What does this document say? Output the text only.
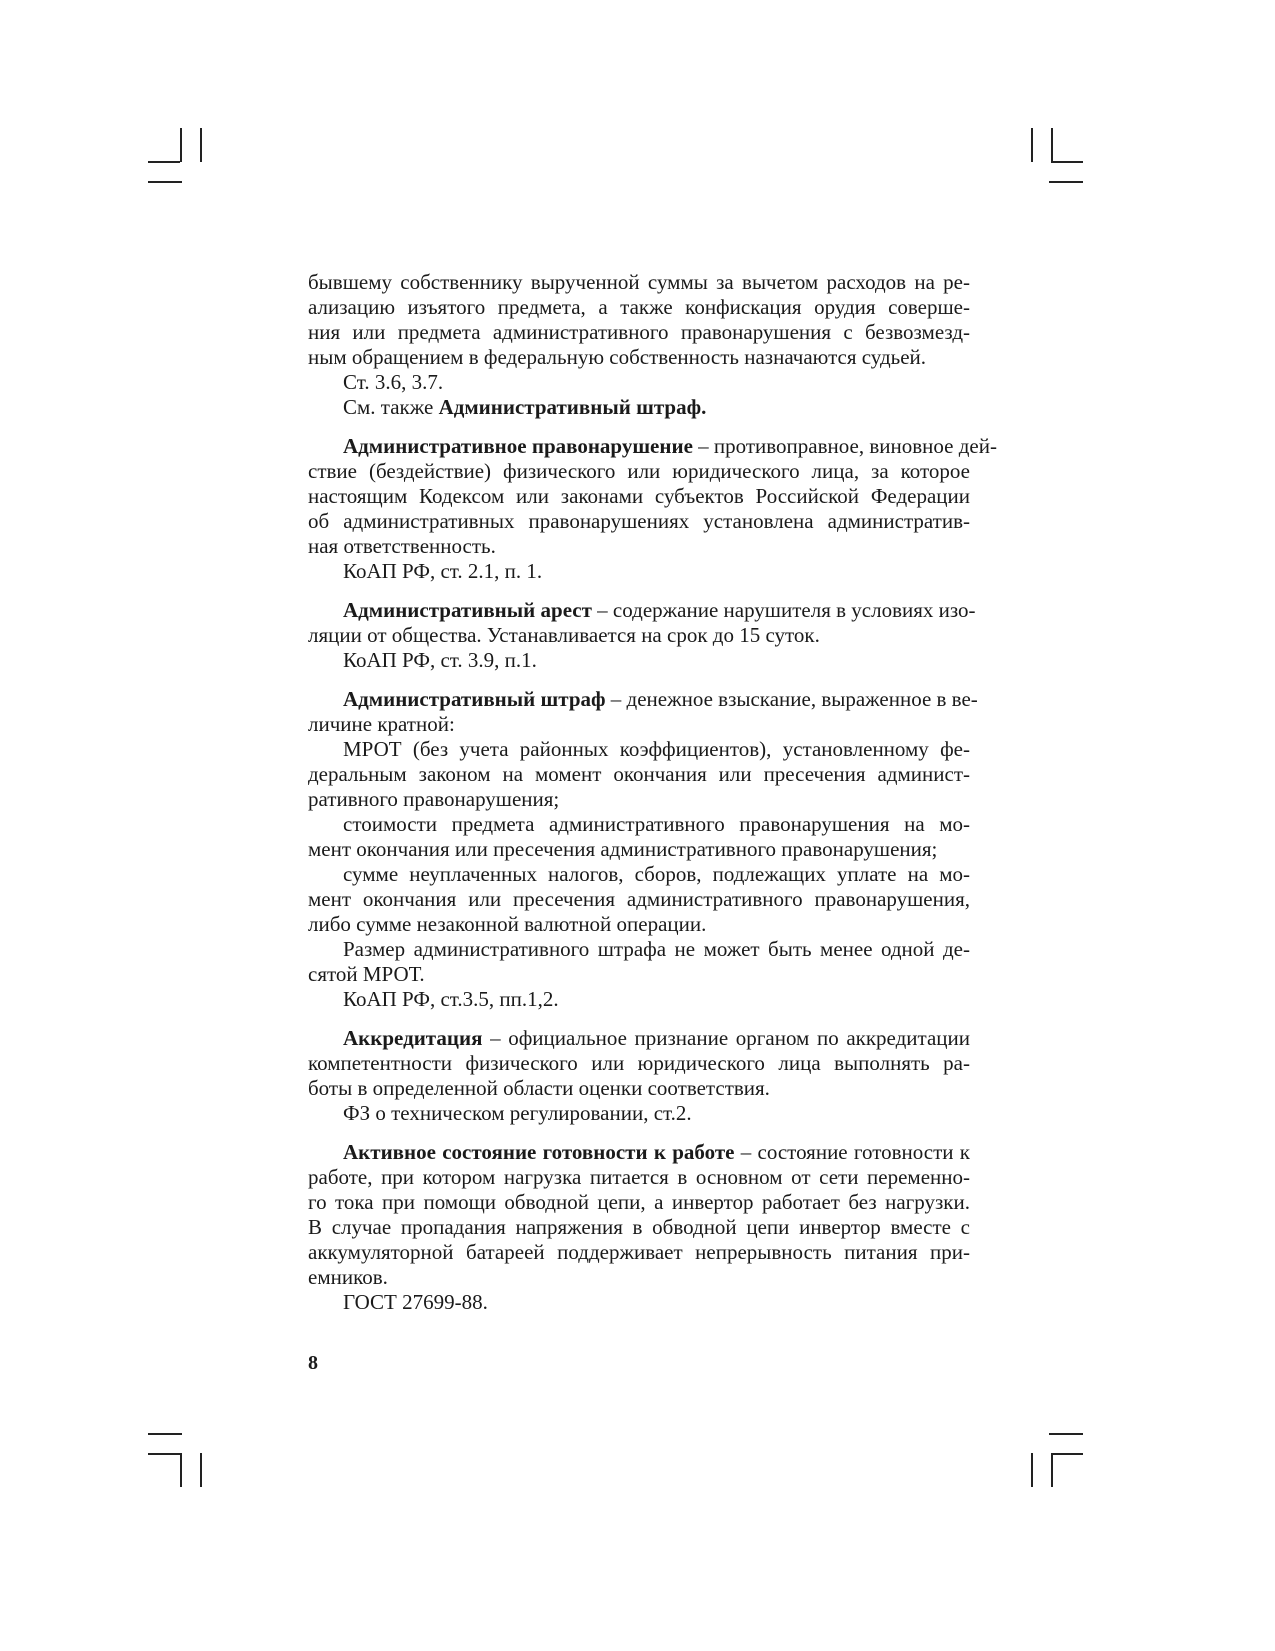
бывшему собственнику вырученной суммы за вычетом расходов на ре-
ализацию изъятого предмета, а также конфискация орудия соверше-
ния или предмета административного правонарушения с безвозмезд-
ным обращением в федеральную собственность назначаются судьей.
Ст. 3.6, 3.7.
См. также Административный штраф.
Административное правонарушение – противоправное, виновное дей-
ствие (бездействие) физического или юридического лица, за которое
настоящим Кодексом или законами субъектов Российской Федерации
об административных правонарушениях установлена административ-
ная ответственность.
КоАП РФ, ст. 2.1, п. 1.
Административный арест – содержание нарушителя в условиях изо-
ляции от общества. Устанавливается на срок до 15 суток.
КоАП РФ, ст. 3.9, п.1.
Административный штраф – денежное взыскание, выраженное в ве-
личине кратной:
МРОТ (без учета районных коэффициентов), установленному фе-
деральным законом на момент окончания или пресечения админист-
ративного правонарушения;
стоимости предмета административного правонарушения на мо-
мент окончания или пресечения административного правонарушения;
сумме неуплаченных налогов, сборов, подлежащих уплате на мо-
мент окончания или пресечения административного правонарушения,
либо сумме незаконной валютной операции.
Размер административного штрафа не может быть менее одной де-
сятой МРОТ.
КоАП РФ, ст.3.5, пп.1,2.
Аккредитация – официальное признание органом по аккредитации
компетентности физического или юридического лица выполнять ра-
боты в определенной области оценки соответствия.
ФЗ о техническом регулировании, ст.2.
Активное состояние готовности к работе – состояние готовности к
работе, при котором нагрузка питается в основном от сети переменно-
го тока при помощи обводной цепи, а инвертор работает без нагрузки.
В случае пропадания напряжения в обводной цепи инвертор вместе с
аккумуляторной батареей поддерживает непрерывность питания при-
емников.
ГОСТ 27699-88.
8
